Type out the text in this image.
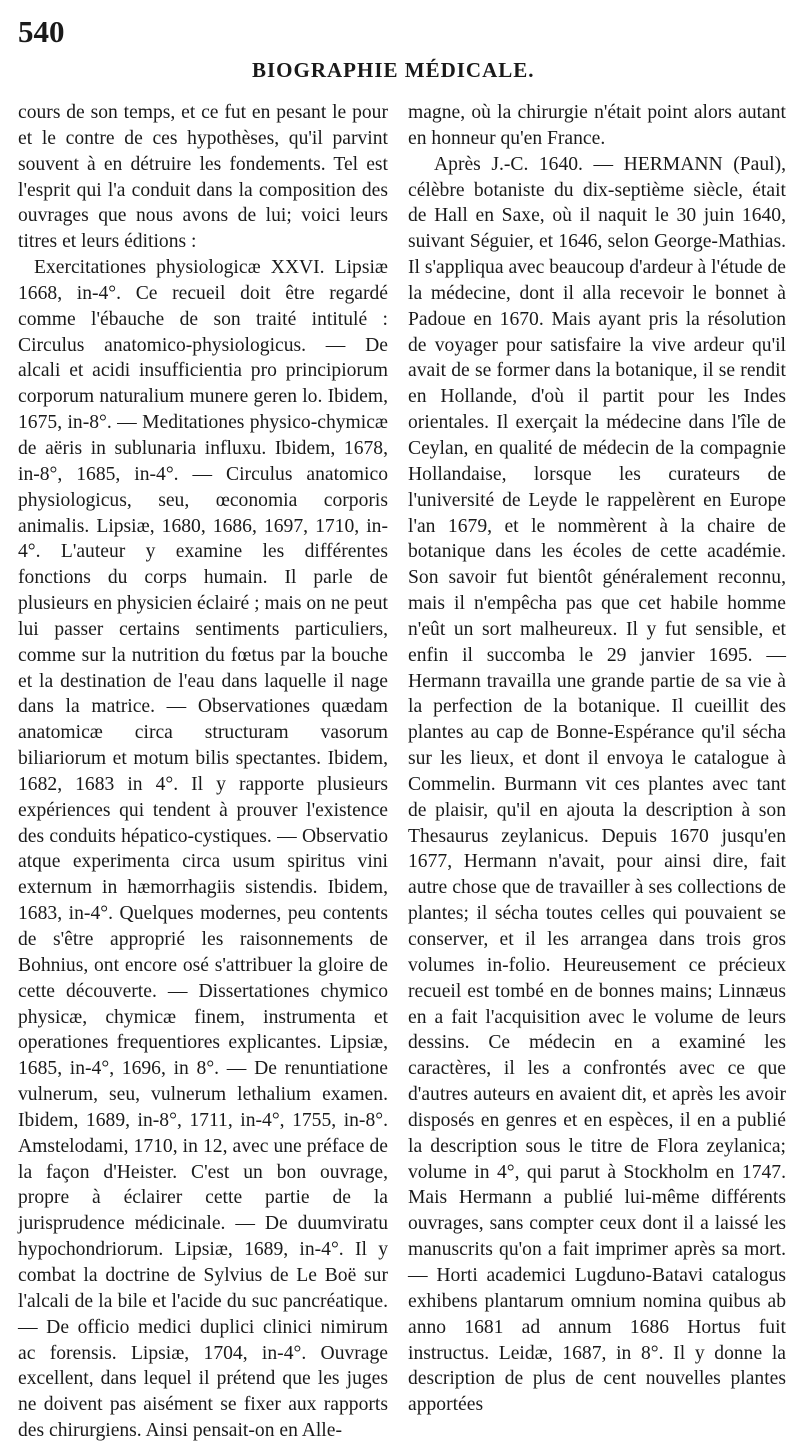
540
BIOGRAPHIE MÉDICALE.

cours de son temps, et ce fut en pesant le pour et le contre de ces hypothèses, qu'il parvint souvent à en détruire les fondements. Tel est l'esprit qui l'a conduit dans la composition des ouvrages que nous avons de lui; voici leurs titres et leurs éditions :

Exercitationes physiologicæ XXVI. Lipsiæ 1668, in-4°. Ce recueil doit être regardé comme l'ébauche de son traité intitulé : Circulus anatomico-physiologicus. — De alcali et acidi insufficientia pro principiorum corporum naturalium munere geren lo. Ibidem, 1675, in-8°. — Meditationes physico-chymicæ de aëris in sublunaria influxu. Ibidem, 1678, in-8°, 1685, in-4°. — Circulus anatomico physiologicus, seu, œconomia corporis animalis. Lipsiæ, 1680, 1686, 1697, 1710, in-4°. L'auteur y examine les différentes fonctions du corps humain. Il parle de plusieurs en physicien éclairé ; mais on ne peut lui passer certains sentiments particuliers, comme sur la nutrition du fœtus par la bouche et la destination de l'eau dans laquelle il nage dans la matrice. — Observationes quædam anatomicæ circa structuram vasorum biliariorum et motum bilis spectantes. Ibidem, 1682, 1683 in 4°. Il y rapporte plusieurs expériences qui tendent à prouver l'existence des conduits hépatico-cystiques. — Observatio atque experimenta circa usum spiritus vini externum in hæmorrhagiis sistendis. Ibidem, 1683, in-4°. Quelques modernes, peu contents de s'être approprié les raisonnements de Bohnius, ont encore osé s'attribuer la gloire de cette découverte. — Dissertationes chymico physicæ, chymicæ finem, instrumenta et operationes frequentiores explicantes. Lipsiæ, 1685, in-4°, 1696, in 8°. — De renuntiatione vulnerum, seu, vulnerum lethalium examen. Ibidem, 1689, in-8°, 1711, in-4°, 1755, in-8°. Amstelodami, 1710, in 12, avec une préface de la façon d'Heister. C'est un bon ouvrage, propre à éclairer cette partie de la jurisprudence médicinale. — De duumviratu hypochondriorum. Lipsiæ, 1689, in-4°. Il y combat la doctrine de Sylvius de Le Boë sur l'alcali de la bile et l'acide du suc pancréatique. — De officio medici duplici clinici nimirum ac forensis. Lipsiæ, 1704, in-4°. Ouvrage excellent, dans lequel il prétend que les juges ne doivent pas aisément se fixer aux rapports des chirurgiens. Ainsi pensait-on en Alle-

magne, où la chirurgie n'était point alors autant en honneur qu'en France.

Après J.-C. 1640. — HERMANN (Paul), célèbre botaniste du dix-septième siècle, était de Hall en Saxe, où il naquit le 30 juin 1640, suivant Séguier, et 1646, selon George-Mathias. Il s'appliqua avec beaucoup d'ardeur à l'étude de la médecine, dont il alla recevoir le bonnet à Padoue en 1670. Mais ayant pris la résolution de voyager pour satisfaire la vive ardeur qu'il avait de se former dans la botanique, il se rendit en Hollande, d'où il partit pour les Indes orientales. Il exerçait la médecine dans l'île de Ceylan, en qualité de médecin de la compagnie Hollandaise, lorsque les curateurs de l'université de Leyde le rappelèrent en Europe l'an 1679, et le nommèrent à la chaire de botanique dans les écoles de cette académie. Son savoir fut bientôt généralement reconnu, mais il n'empêcha pas que cet habile homme n'eût un sort malheureux. Il y fut sensible, et enfin il succomba le 29 janvier 1695. — Hermann travailla une grande partie de sa vie à la perfection de la botanique. Il cueillit des plantes au cap de Bonne-Espérance qu'il sécha sur les lieux, et dont il envoya le catalogue à Commelin. Burmann vit ces plantes avec tant de plaisir, qu'il en ajouta la description à son Thesaurus zeylanicus. Depuis 1670 jusqu'en 1677, Hermann n'avait, pour ainsi dire, fait autre chose que de travailler à ses collections de plantes; il sécha toutes celles qui pouvaient se conserver, et il les arrangea dans trois gros volumes in-folio. Heureusement ce précieux recueil est tombé en de bonnes mains; Linnæus en a fait l'acquisition avec le volume de leurs dessins. Ce médecin en a examiné les caractères, il les a confrontés avec ce que d'autres auteurs en avaient dit, et après les avoir disposés en genres et en espèces, il en a publié la description sous le titre de Flora zeylanica; volume in 4°, qui parut à Stockholm en 1747. Mais Hermann a publié lui-même différents ouvrages, sans compter ceux dont il a laissé les manuscrits qu'on a fait imprimer après sa mort. — Horti academici Lugduno-Batavi catalogus exhibens plantarum omnium nomina quibus ab anno 1681 ad annum 1686 Hortus fuit instructus. Leidæ, 1687, in 8°. Il y donne la description de plus de cent nouvelles plantes apportées
